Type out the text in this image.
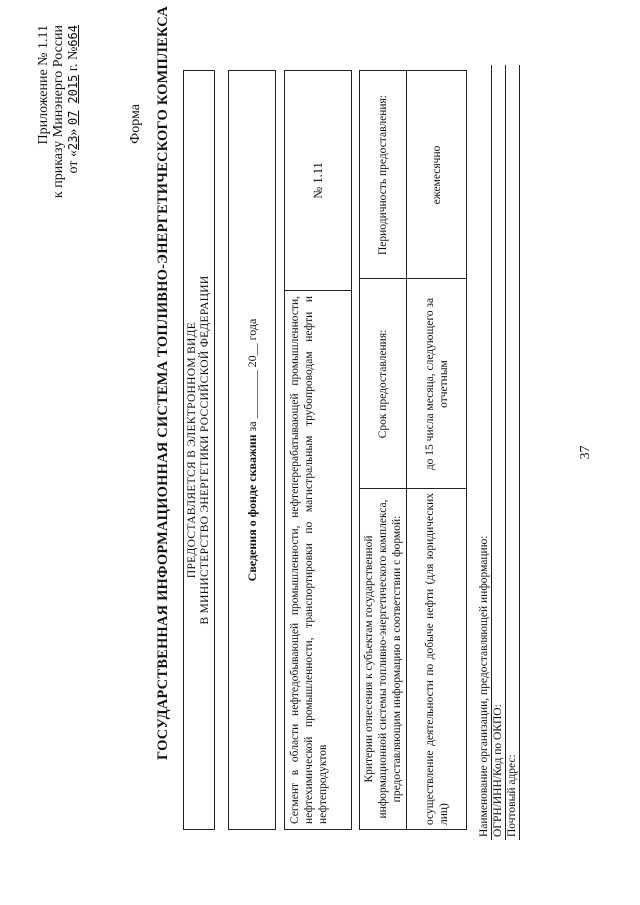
37
Приложение № 1.11 к приказу Минэнерго России от «23» 07  2015 г. №664
Форма ГОСУДАРСТВЕННАЯ ИНФОРМАЦИОННАЯ СИСТЕМА ТОПЛИВНО-ЭНЕРГЕТИЧЕСКОГО КОМПЛЕКСА ПРЕДОСТАВЛЯЕТСЯ В ЭЛЕКТРОННОМ ВИДЕ В МИНИСТЕРСТВО ЭНЕРГЕТИКИ РОССИЙСКОЙ ФЕДЕРАЦИИ	Сведения о фонде скважин
за ________ 20__ года	Сегмент в области нефтедобывающей промышленности, нефтеперерабатывающей промышленности, нефтехимической промышленности, транспортировки по магистральным трубопроводам нефти и нефтепродуктов
№ 1.11
Критерии отнесения к субъектам государственной информационной системы топливно-энергетического комплекса, предоставляющим информацию в соответствии с формой:
Срок предоставления:
Периодичность предоставления:
осуществление деятельности по добыче нефти (для юридических лиц)
до 15 числа месяца, следующего за отчетным
ежемесячно
Наименование организации, предоставляющей информацию: ОГРН/ИНН/Код по ОКПО: Почтовый адрес:
